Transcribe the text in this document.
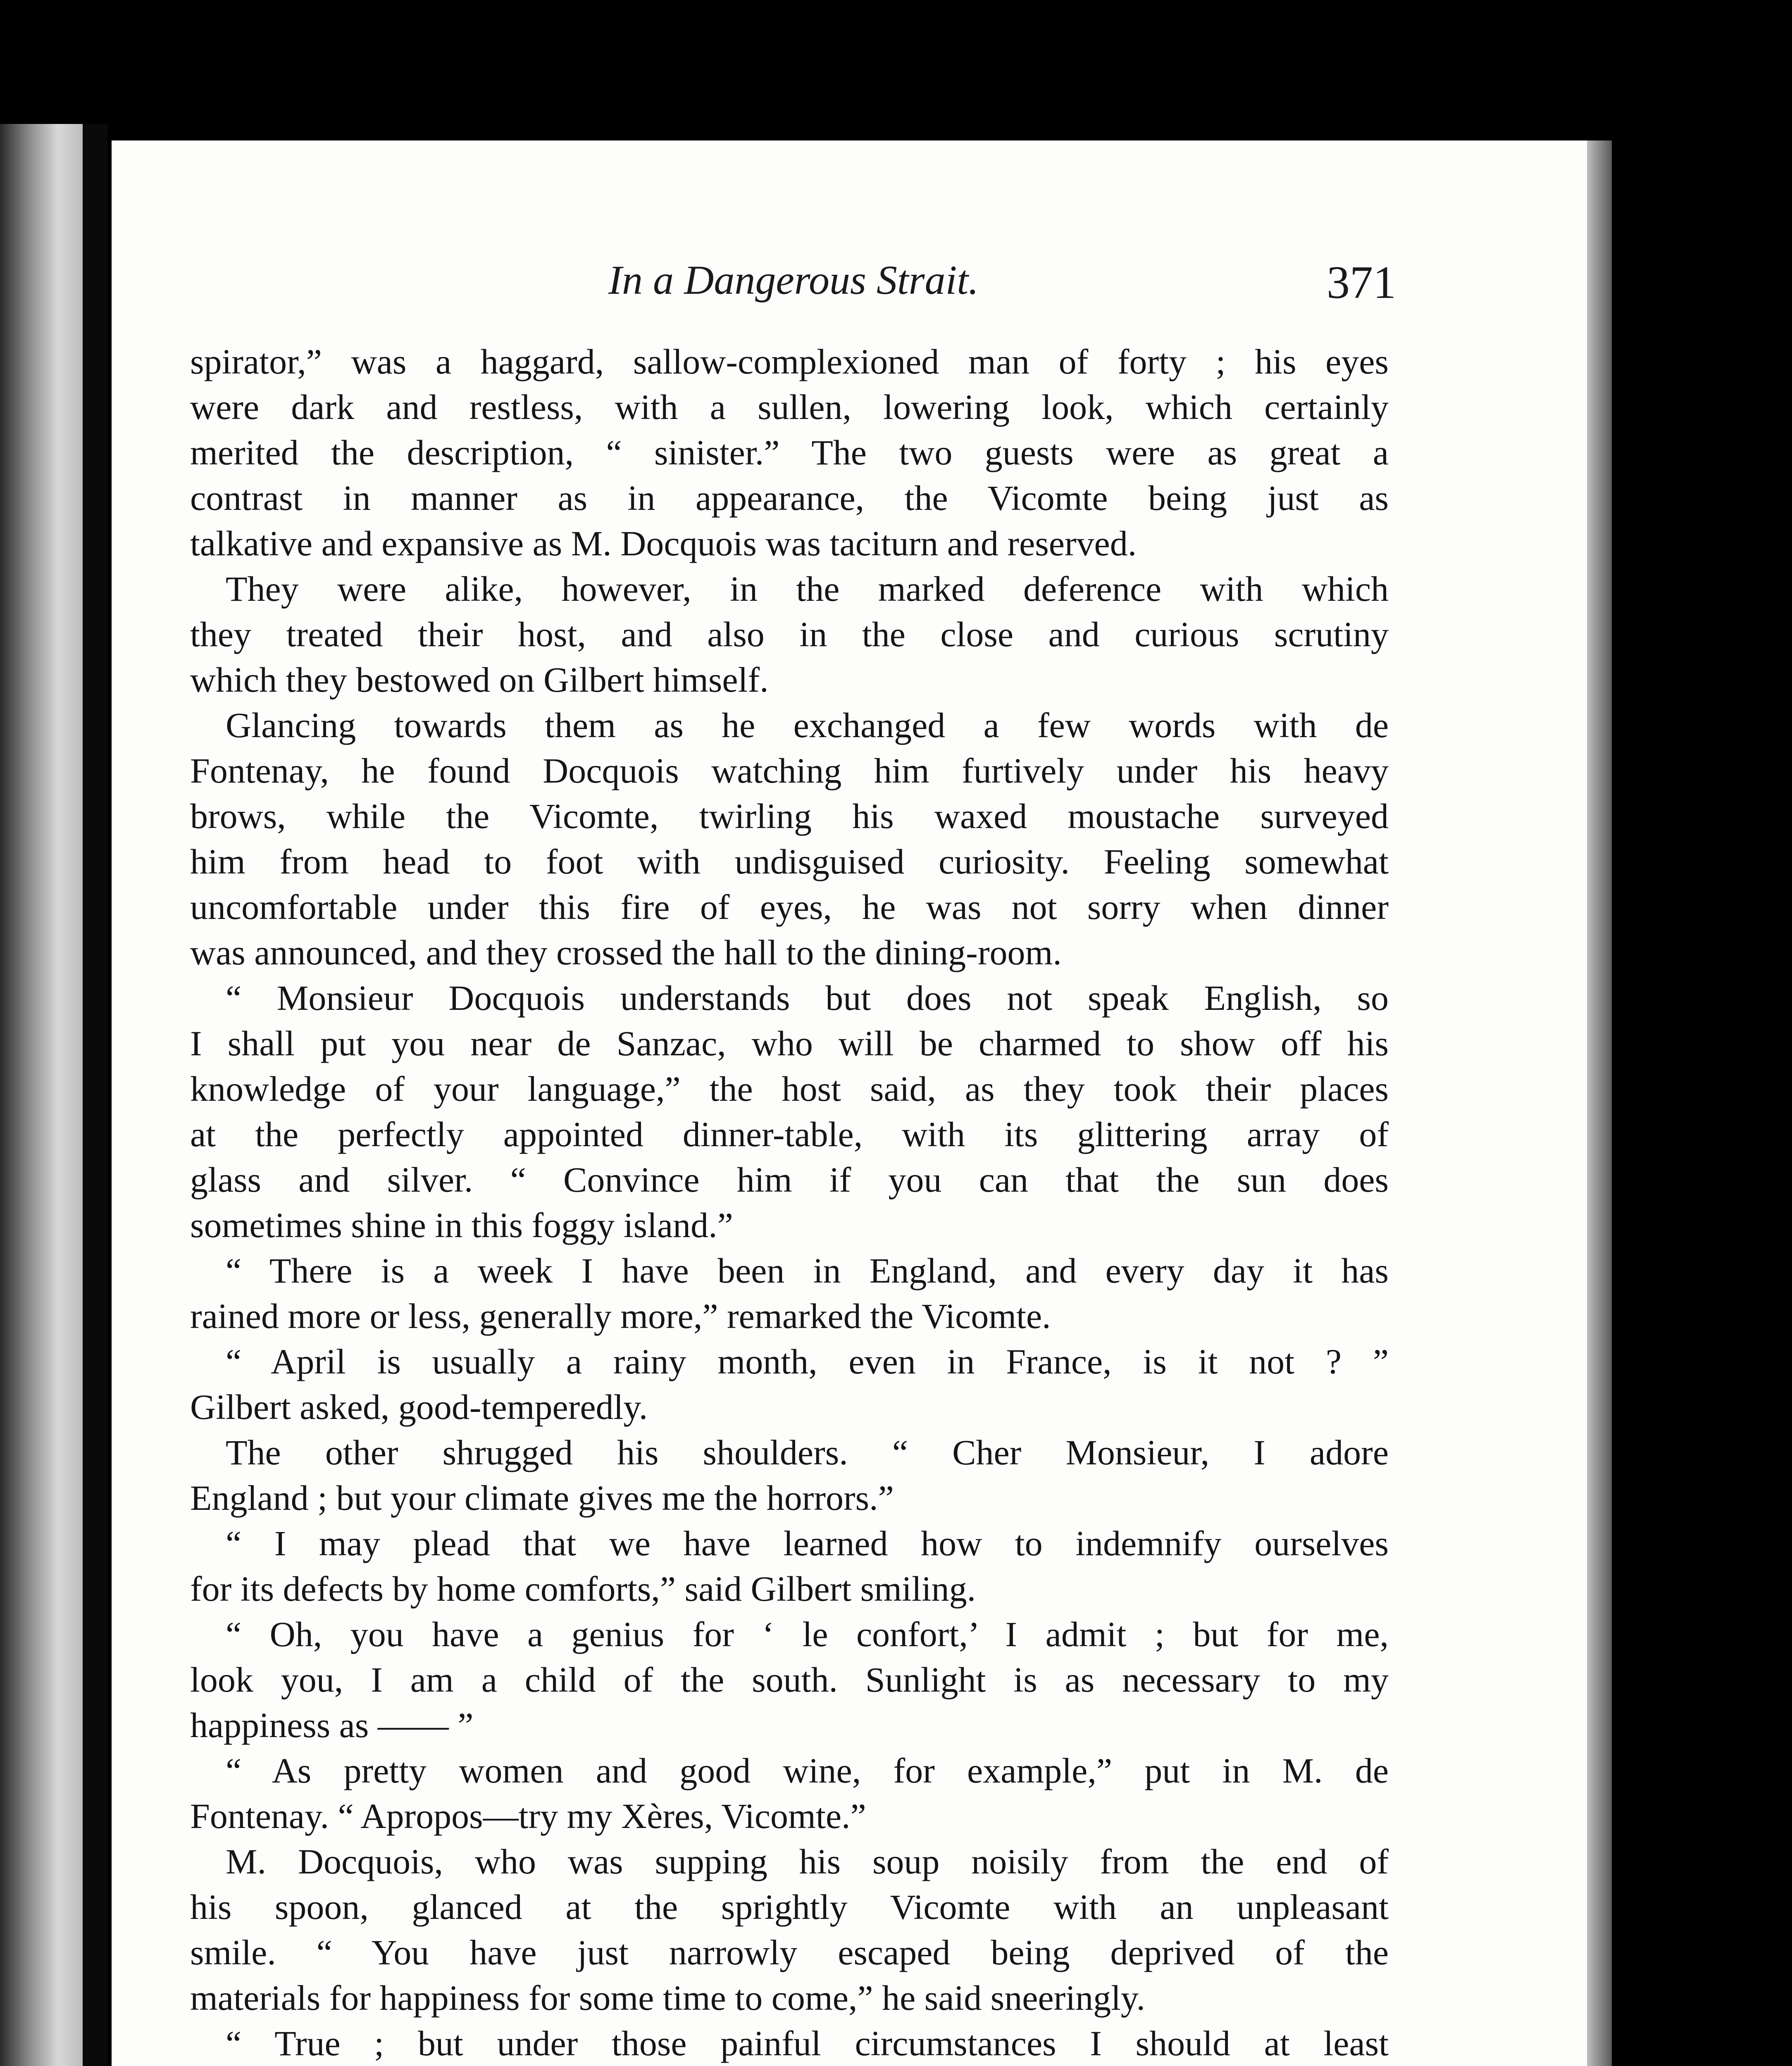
In a Dangerous Strait.	371
spirator,” was a haggard, sallow-complexioned man of forty ; his eyes
were dark and restless, with a sullen, lowering look, which certainly
merited the description, “ sinister.” The two guests were as great a
contrast in manner as in appearance, the Vicomte being just as
talkative and expansive as M. Docquois was taciturn and reserved.
They were alike, however, in the marked deference with which
they treated their host, and also in the close and curious scrutiny
which they bestowed on Gilbert himself.
Glancing towards them as he exchanged a few words with de
Fontenay, he found Docquois watching him furtively under his heavy
brows, while the Vicomte, twirling his waxed moustache surveyed
him from head to foot with undisguised curiosity. Feeling somewhat
uncomfortable under this fire of eyes, he was not sorry when dinner
was announced, and they crossed the hall to the dining-room.
“ Monsieur Docquois understands but does not speak English, so
I shall put you near de Sanzac, who will be charmed to show off his
knowledge of your language,” the host said, as they took their places
at the perfectly appointed dinner-table, with its glittering array of
glass and silver. “ Convince him if you can that the sun does
sometimes shine in this foggy island.”
“ There is a week I have been in England, and every day it has
rained more or less, generally more,” remarked the Vicomte.
“ April is usually a rainy month, even in France, is it not ? ”
Gilbert asked, good-temperedly.
The other shrugged his shoulders. “ Cher Monsieur, I adore
England ; but your climate gives me the horrors.”
“ I may plead that we have learned how to indemnify ourselves
for its defects by home comforts,” said Gilbert smiling.
“ Oh, you have a genius for ‘ le confort,’ I admit ; but for me,
look you, I am a child of the south. Sunlight is as necessary to my
happiness as —— ”
“ As pretty women and good wine, for example,” put in M. de
Fontenay. “ Apropos—try my Xères, Vicomte.”
M. Docquois, who was supping his soup noisily from the end of
his spoon, glanced at the sprightly Vicomte with an unpleasant
smile. “ You have just narrowly escaped being deprived of the
materials for happiness for some time to come,” he said sneeringly.
“ True ; but under those painful circumstances I should at least
